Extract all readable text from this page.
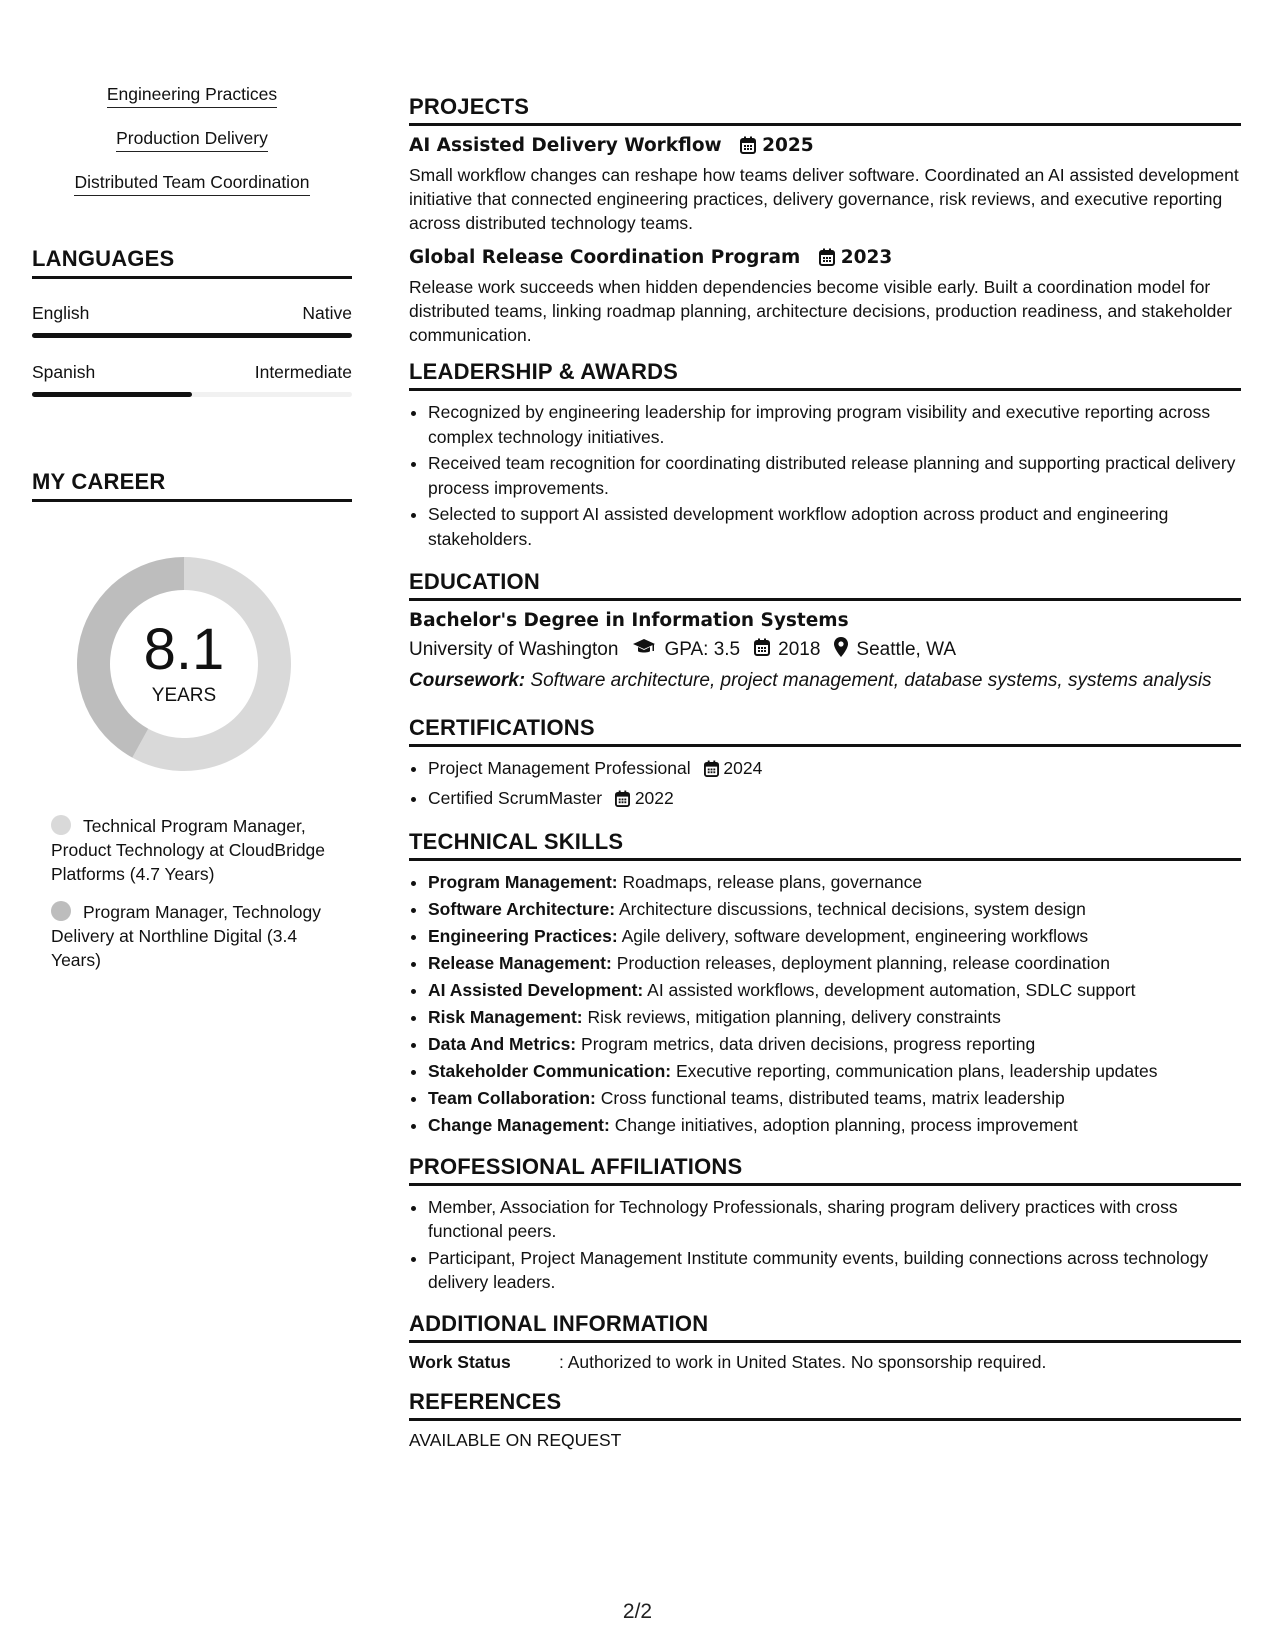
Engineering Practices
Production Delivery
Distributed Team Coordination
LANGUAGES
English	Native
Spanish	Intermediate
MY CAREER
8.1
YEARS
Technical Program Manager, Product Technology at CloudBridge Platforms (4.7 Years)
Program Manager, Technology Delivery at Northline Digital (3.4 Years)
PROJECTS
AI Assisted Delivery Workflow 2025

Small workflow changes can reshape how teams deliver software. Coordinated an AI assisted development initiative that connected engineering practices, delivery governance, risk reviews, and executive reporting across distributed technology teams.

Global Release Coordination Program 2023

Release work succeeds when hidden dependencies become visible early. Built a coordination model for distributed teams, linking roadmap planning, architecture decisions, production readiness, and stakeholder communication.

LEADERSHIP & AWARDS
• Recognized by engineering leadership for improving program visibility and executive reporting across complex technology initiatives.
• Received team recognition for coordinating distributed release planning and supporting practical delivery process improvements.
• Selected to support AI assisted development workflow adoption across product and engineering stakeholders.
EDUCATION
Bachelor's Degree in Information Systems
University of Washington GPA: 3.5 2018 Seattle, WA
Coursework: Software architecture, project management, database systems, systems analysis
CERTIFICATIONS
• Project Management Professional 2024
• Certified ScrumMaster 2022
TECHNICAL SKILLS
• Program Management: Roadmaps, release plans, governance
• Software Architecture: Architecture discussions, technical decisions, system design
• Engineering Practices: Agile delivery, software development, engineering workflows
• Release Management: Production releases, deployment planning, release coordination
• AI Assisted Development: AI assisted workflows, development automation, SDLC support
• Risk Management: Risk reviews, mitigation planning, delivery constraints
• Data And Metrics: Program metrics, data driven decisions, progress reporting
• Stakeholder Communication: Executive reporting, communication plans, leadership updates
• Team Collaboration: Cross functional teams, distributed teams, matrix leadership
• Change Management: Change initiatives, adoption planning, process improvement
PROFESSIONAL AFFILIATIONS
• Member, Association for Technology Professionals, sharing program delivery practices with cross functional peers.
• Participant, Project Management Institute community events, building connections across technology delivery leaders.
ADDITIONAL INFORMATION
Work Status	: Authorized to work in United States. No sponsorship required.
REFERENCES
AVAILABLE ON REQUEST
2/2
